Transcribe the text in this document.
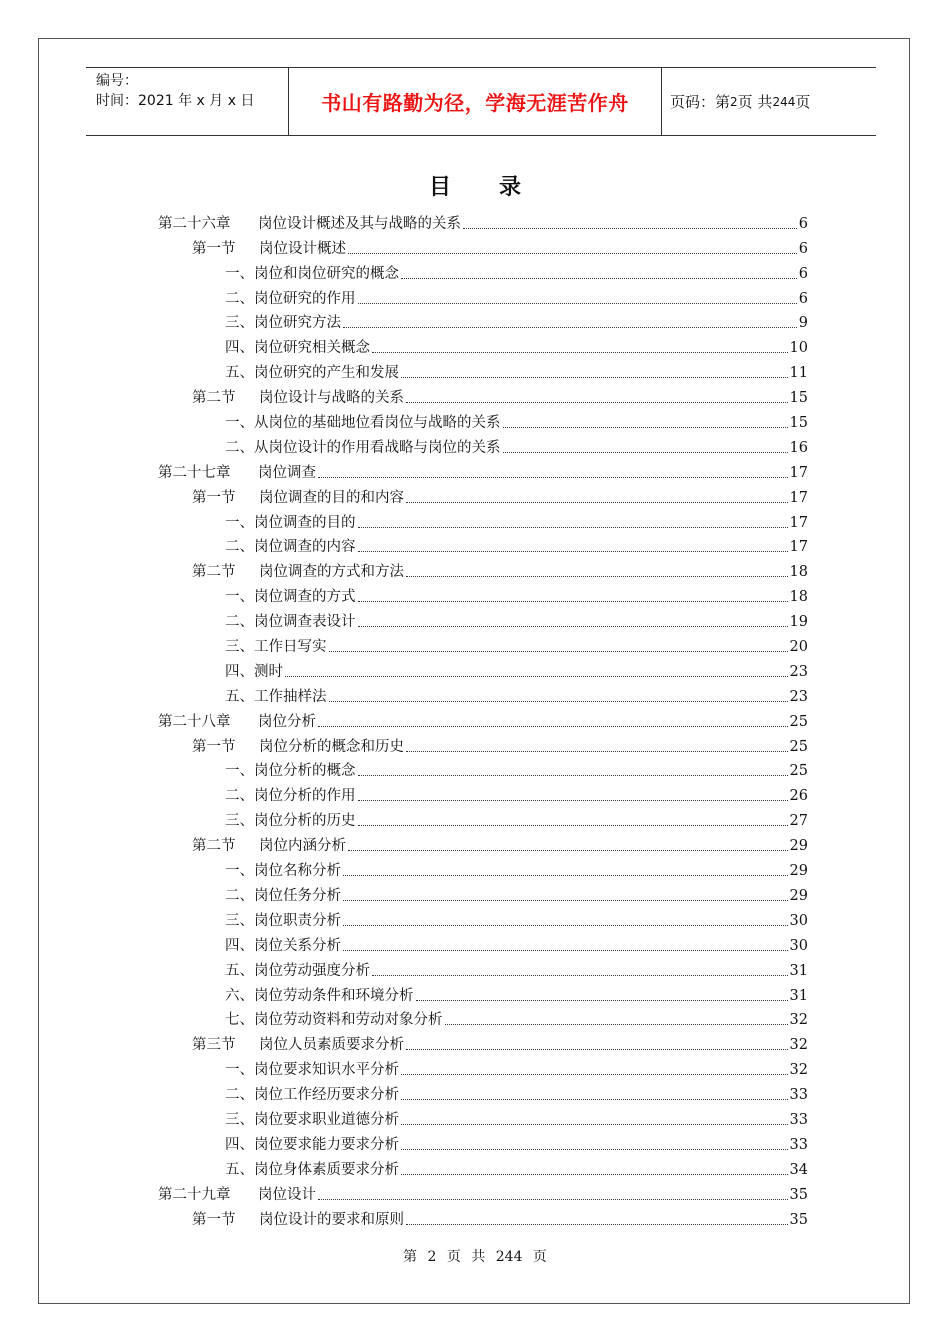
编号：
时间：2021 年 x 月 x 日	书山有路勤为径，学海无涯苦作舟	页码：第 2 页 共 244 页
目录
第二十六章	岗位设计概述及其与战略的关系	6
第一节	岗位设计概述	6
一、 岗位和岗位研究的概念	6
二、 岗位研究的作用	6
三、 岗位研究方法	9
四、 岗位研究相关概念	10
五、 岗位研究的产生和发展	11
第二节	岗位设计与战略的关系	15
一、 从岗位的基础地位看岗位与战略的关系	15
二、 从岗位设计的作用看战略与岗位的关系	16
第二十七章	岗位调查	17
第一节	岗位调查的目的和内容	17
一、 岗位调查的目的	17
二、 岗位调查的内容	17
第二节	岗位调查的方式和方法	18
一、 岗位调查的方式	18
二、 岗位调查表设计	19
三、 工作日写实	20
四、 测时	23
五、 工作抽样法	23
第二十八章	岗位分析	25
第一节	岗位分析的概念和历史	25
一、 岗位分析的概念	25
二、 岗位分析的作用	26
三、 岗位分析的历史	27
第二节	岗位内涵分析	29
一、 岗位名称分析	29
二、 岗位任务分析	29
三、 岗位职责分析	30
四、 岗位关系分析	30
五、 岗位劳动强度分析	31
六、 岗位劳动条件和环境分析	31
七、 岗位劳动资料和劳动对象分析	32
第三节	岗位人员素质要求分析	32
一、 岗位要求知识水平分析	32
二、 岗位工作经历要求分析	33
三、 岗位要求职业道德分析	33
四、 岗位要求能力要求分析	33
五、 岗位身体素质要求分析	34
第二十九章	岗位设计	35
第一节	岗位设计的要求和原则	35
第 2 页 共 244 页
